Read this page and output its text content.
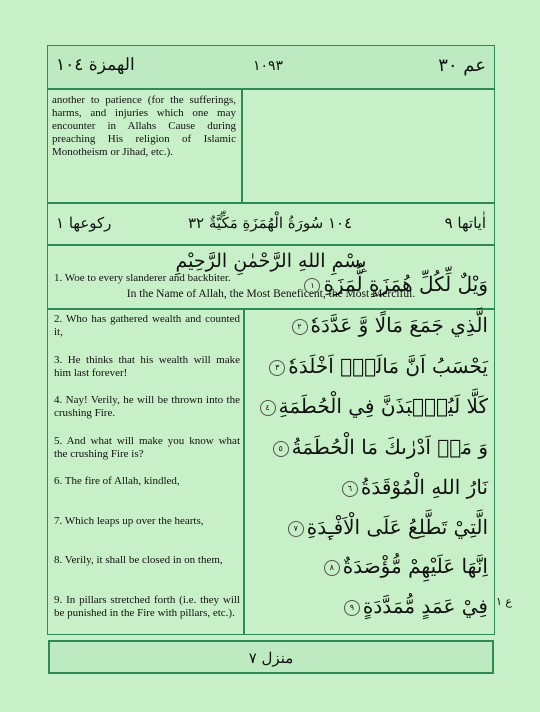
الهمزة ١٠٤	١٠٩٣	عم ٣٠
another to patience (for the sufferings, harms, and injuries which one may encounter in Allahs Cause during preaching His religion of Islamic Monotheism or Jihad, etc.).
ركوعها ١	١٠٤ سُورَةُ الْهُمَزَةِ مَكِّيَّةٌ ٣٢	اٰياتها ٩
بِسْمِ اللهِ الرَّحْمٰنِ الرَّحِيْمِ
In the Name of Allah, the Most Beneficent, the Most Merciful.
1. Woe to every slanderer and backbiter.	وَيْلٌ لِّكُلِّ هُمَزَةٍ لُّمَزَةِ١
2. Who has gathered wealth and counted it,	الَّذِي جَمَعَ مَالًا وَّ عَدَّدَهٗ٢
3. He thinks that his wealth will make him last forever!	يَحْسَبُ اَنَّ مَالَهٗۤ اَخْلَدَهٗ٣
4. Nay! Verily, he will be thrown into the crushing Fire.	كَلَّا لَيُنْۢبَذَنَّ فِي الْحُطَمَةِ٤
5. And what will make you know what the crushing Fire is?	وَ مَاۤ اَدْرٰىكَ مَا الْحُطَمَةُ٥
6. The fire of Allah, kindled,	نَارُ اللهِ الْمُوْقَدَةُ٦
7. Which leaps up over the hearts,	الَّتِيْ تَطَّلِعُ عَلَى الْاَفْـِٕدَةِ٧
8. Verily, it shall be closed in on them,	اِنَّهَا عَلَيْهِمْ مُّؤْصَدَةٌ٨
9. In pillars stretched forth (i.e. they will be punished in the Fire with pillars, etc.).	فِيْ عَمَدٍ مُّمَدَّدَةٍ٩	ع ١
منزل ٧
